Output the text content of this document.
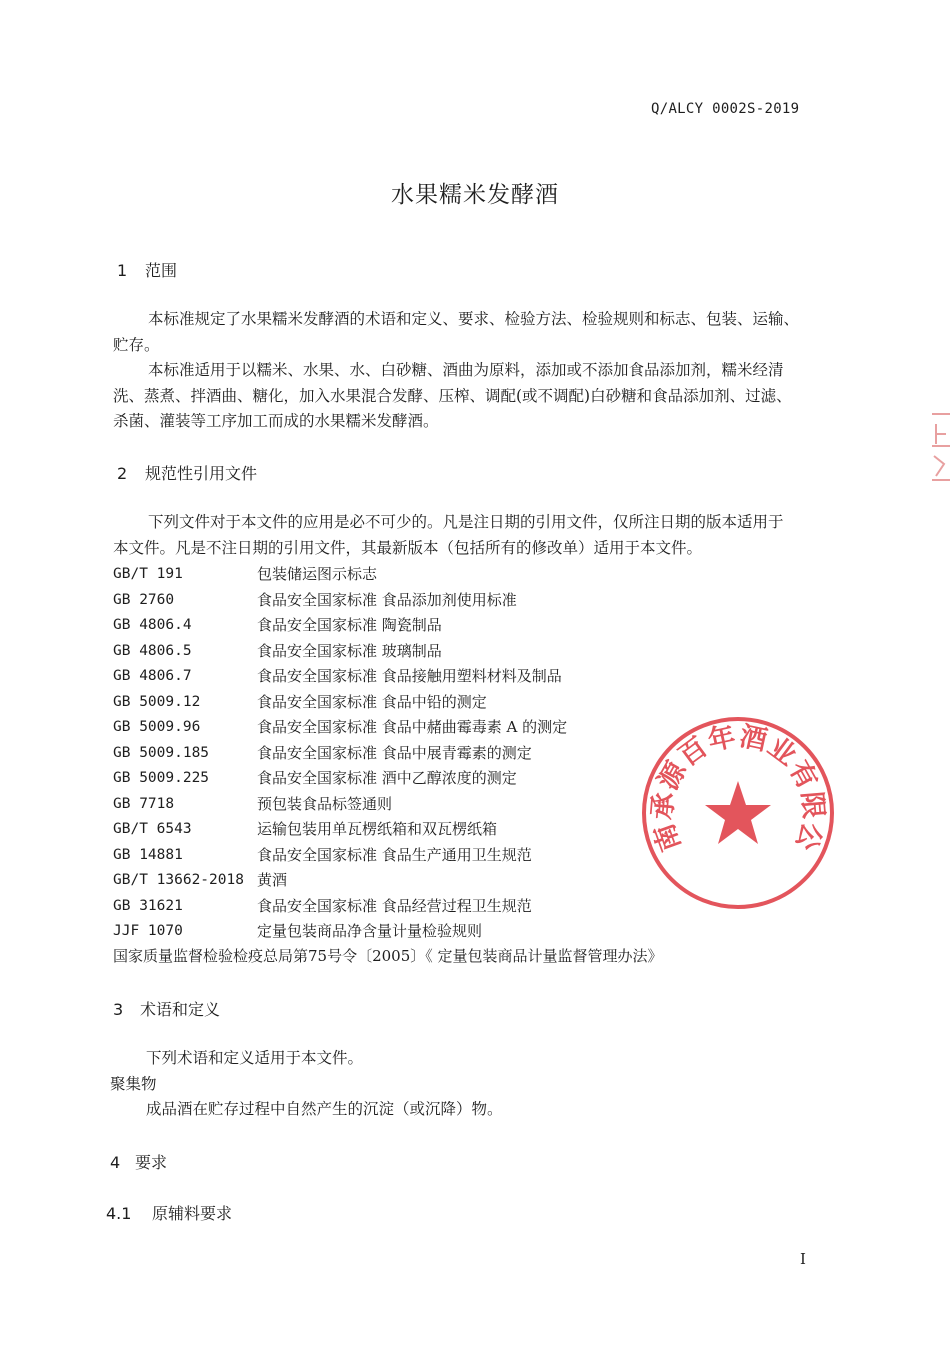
Q/ALCY 0002S-2019
水果糯米发酵酒
1 范围

本标准规定了水果糯米发酵酒的术语和定义、要求、检验方法、检验规则和标志、包装、运输、

贮存。

本标准适用于以糯米、水果、水、白砂糖、酒曲为原料，添加或不添加食品添加剂，糯米经清

洗、蒸煮、拌酒曲、糖化，加入水果混合发酵、压榨、调配(或不调配)白砂糖和食品添加剂、过滤、

杀菌、灌装等工序加工而成的水果糯米发酵酒。

2 规范性引用文件

下列文件对于本文件的应用是必不可少的。凡是注日期的引用文件，仅所注日期的版本适用于

本文件。凡是不注日期的引用文件，其最新版本（包括所有的修改单）适用于本文件。

GB/T 191	包装储运图示标志
GB 2760	食品安全国家标准 食品添加剂使用标准
GB 4806.4	食品安全国家标准 陶瓷制品
GB 4806.5	食品安全国家标准 玻璃制品
GB 4806.7	食品安全国家标准 食品接触用塑料材料及制品
GB 5009.12	食品安全国家标准 食品中铅的测定
GB 5009.96	食品安全国家标准 食品中赭曲霉毒素 A 的测定
GB 5009.185	食品安全国家标准 食品中展青霉素的测定
GB 5009.225	食品安全国家标准 酒中乙醇浓度的测定
GB 7718	预包装食品标签通则
GB/T 6543	运输包装用单瓦楞纸箱和双瓦楞纸箱
GB 14881	食品安全国家标准 食品生产通用卫生规范
GB/T 13662-2018 黄酒
GB 31621	食品安全国家标准 食品经营过程卫生规范
JJF 1070	定量包装商品净含量计量检验规则
国家质量监督检验检疫总局第75号令〔2005〕《 定量包装商品计量监督管理办法》
3 术语和定义

下列术语和定义适用于本文件。

聚集物

成品酒在贮存过程中自然产生的沉淀（或沉降）物。

4 要求
4.1 原辅料要求
I
南承源百年酒业有限公
